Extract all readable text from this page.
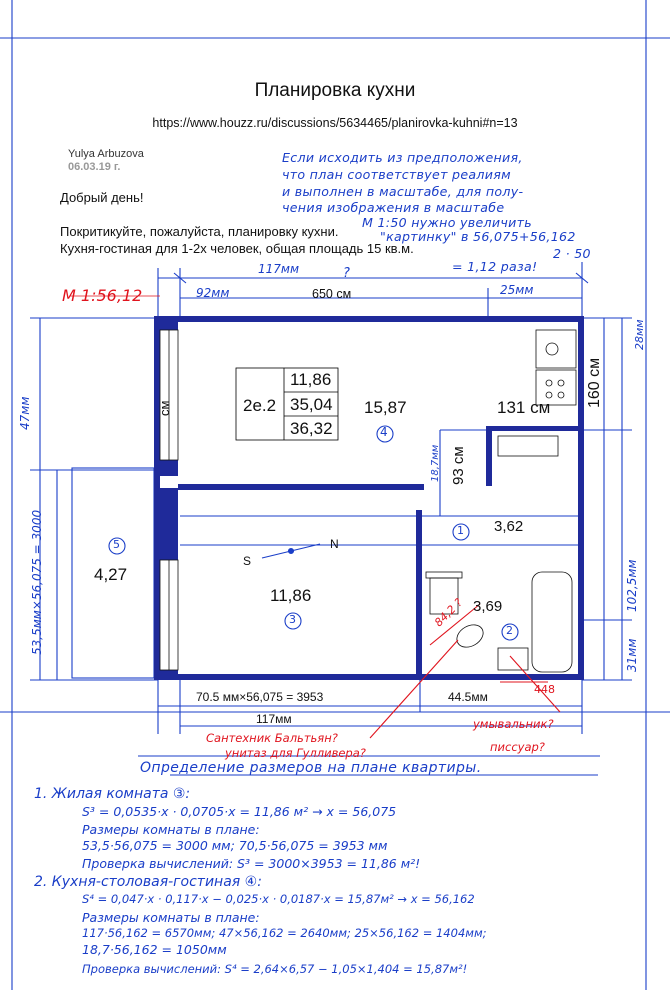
Планировка кухни
https://www.houzz.ru/discussions/5634465/planirovka-kuhni#n=13
Yulya Arbuzova
06.03.19 г.
Добрый день!
Покритикуйте, пожалуйста, планировку кухни.
Кухня-гостиная для 1-2х человек, общая площадь 15 кв.м.
Если исходить из предположения,
что план соответствует реалиям
и выполнен в масштабе, для полу-
чения изображения в масштабе
М 1:50 нужно увеличить
"картинку" в 56,075+56,162
2 · 50
= 1,12 раза!
М 1:56,12
117мм
92мм	650 см
?
25мм
47мм
53,5мм×56,075 = 3000
28мм
102,5мм
31мм
2е.2
11,86
35,04
36,32
15,87
4
131 см 160 см
93 см
18,7мм
см
3,62
1
3,69
2
84,2 ?
11,86
3
S
N
4,27
5
70.5 мм×56,075 = 3953	44.5мм
117мм
448
Сантехник Бальтьян?
унитаз для Гулливера?
умывальник?
писсуар?
Определение размеров на плане квартиры.
1. Жилая комната ③:
S³ = 0,0535·x · 0,0705·x = 11,86 м² → x = 56,075
Размеры комнаты в плане:
53,5·56,075 = 3000 мм; 70,5·56,075 = 3953 мм
Проверка вычислений: S³ = 3000×3953 = 11,86 м²!
2. Кухня-столовая-гостиная ④:
S⁴ = 0,047·x · 0,117·x − 0,025·x · 0,0187·x = 15,87м² → x = 56,162
Размеры комнаты в плане:
117·56,162 = 6570мм; 47×56,162 = 2640мм; 25×56,162 = 1404мм;
18,7·56,162 = 1050мм
Проверка вычислений: S⁴ = 2,64×6,57 − 1,05×1,404 = 15,87м²!
